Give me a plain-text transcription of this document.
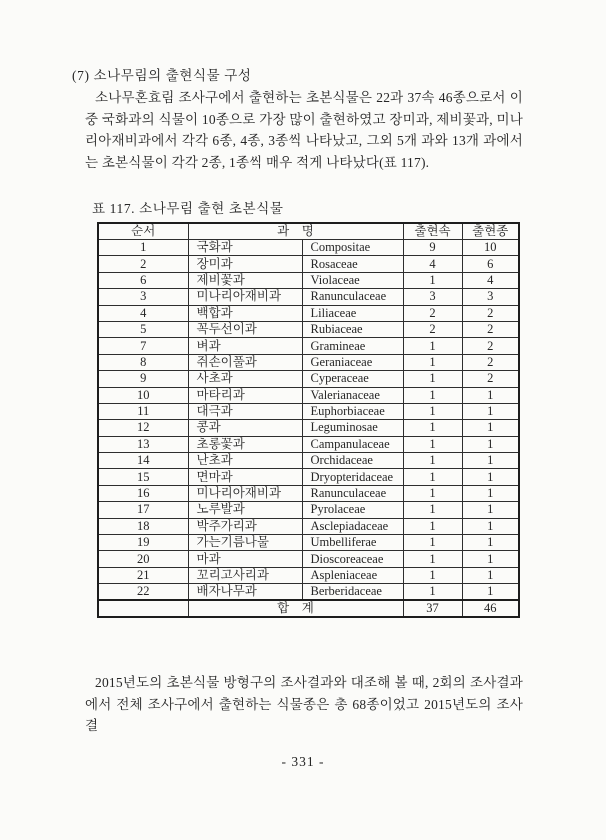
(7) 소나무림의 출현식물 구성
소나무혼효림 조사구에서 출현하는 초본식물은 22과 37속 46종으로서 이
중 국화과의 식물이 10종으로 가장 많이 출현하였고 장미과, 제비꽃과, 미나
리아재비과에서 각각 6종, 4종, 3종씩 나타났고, 그외 5개 과와 13개 과에서
는 초본식물이 각각 2종, 1종씩 매우 적게 나타났다(표 117).
표 117. 소나무림 출현 초본식물
순서	과　명		출현속	출현종
1	국화과	Compositae	9	10
2	장미과	Rosaceae	4	6
6	제비꽃과	Violaceae	1	4
3	미나리아재비과	Ranunculaceae	3	3
4	백합과	Liliaceae	2	2
5	꼭두선이과	Rubiaceae	2	2
7	벼과	Gramineae	1	2
8	쥐손이풀과	Geraniaceae	1	2
9	사초과	Cyperaceae	1	2
10	마타리과	Valerianaceae	1	1
11	대극과	Euphorbiaceae	1	1
12	콩과	Leguminosae	1	1
13	초롱꽃과	Campanulaceae	1	1
14	난초과	Orchidaceae	1	1
15	면마과	Dryopteridaceae	1	1
16	미나리아재비과	Ranunculaceae	1	1
17	노루발과	Pyrolaceae	1	1
18	박주가리과	Asclepiadaceae	1	1
19	가는기름나물	Umbelliferae	1	1
20	마과	Dioscoreaceae	1	1
21	꼬리고사리과	Aspleniaceae	1	1
22	배자나무과	Berberidaceae	1	1
	합　계		37	46
2015년도의 초본식물 방형구의 조사결과와 대조해 볼 때, 2회의 조사결과
에서 전체 조사구에서 출현하는 식물종은 총 68종이었고 2015년도의 조사결
- 331 -
